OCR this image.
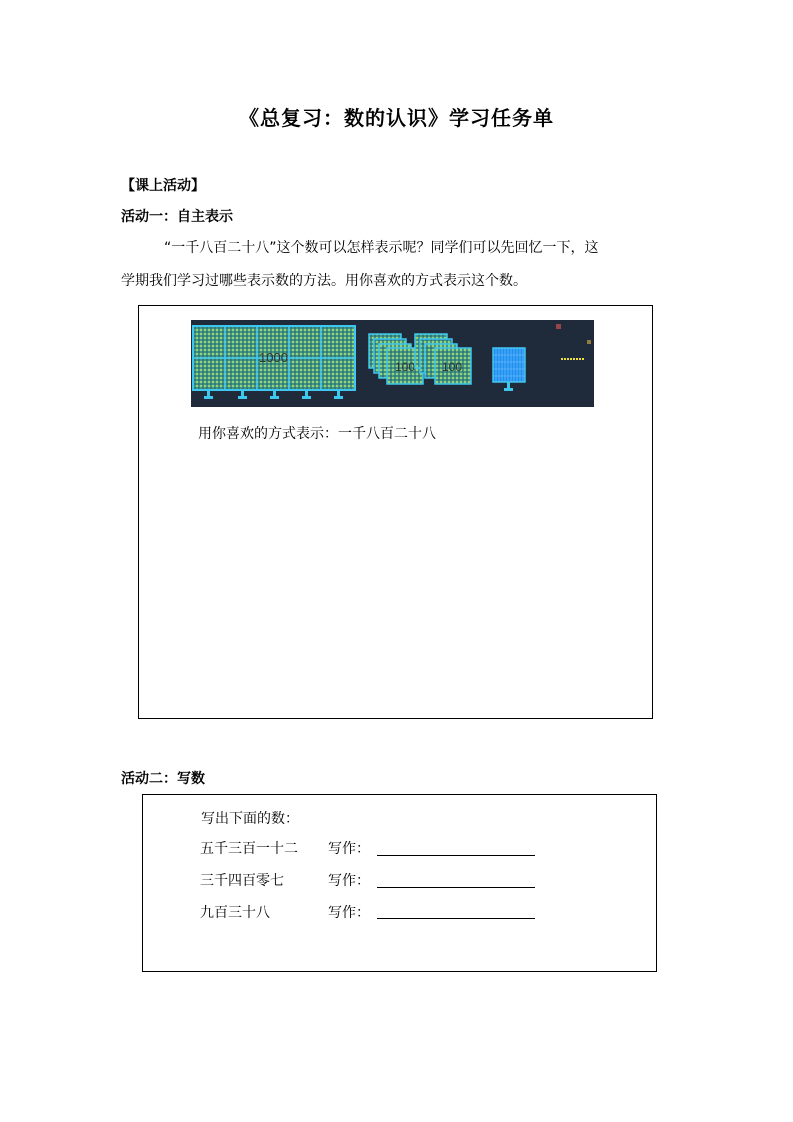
《总复习：数的认识》学习任务单
【课上活动】
活动一：自主表示
“一千八百二十八”这个数可以怎样表示呢？同学们可以先回忆一下，这
学期我们学习过哪些表示数的方法。用你喜欢的方式表示这个数。
1000
100 100
用你喜欢的方式表示：一千八百二十八
活动二：写数
写出下面的数：
五千三百一十二 写作：
三千四百零七	写作：
九百三十八	写作：
